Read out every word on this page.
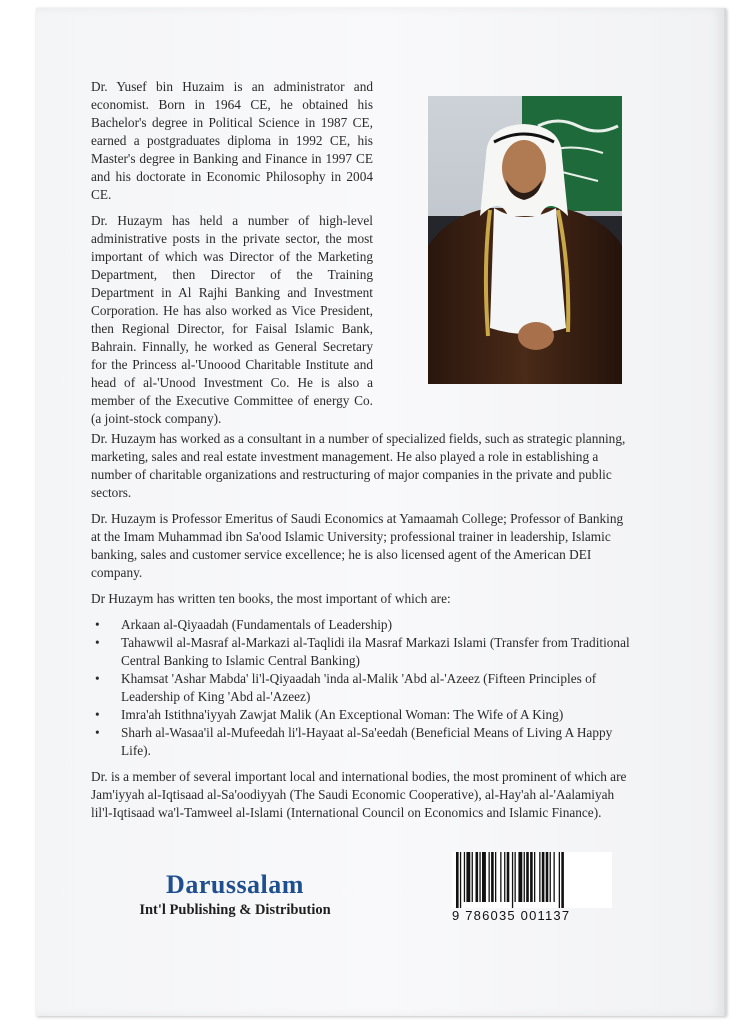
Dr. Yusef bin Huzaim is an administrator and economist. Born in 1964 CE, he obtained his Bachelor's degree in Political Science in 1987 CE, earned a postgraduates diploma in 1992 CE, his Master's degree in Banking and Finance in 1997 CE and his doctorate in Economic Philosophy in 2004 CE.

Dr. Huzaym has held a number of high-level administrative posts in the private sector, the most important of which was Director of the Marketing Department, then Director of the Training Department in Al Rajhi Banking and Investment Corporation. He has also worked as Vice President, then Regional Director, for Faisal Islamic Bank, Bahrain. Finnally, he worked as General Secretary for the Princess al-'Unoood Charitable Institute and head of al-'Unood Investment Co. He is also a member of the Executive Committee of energy Co. (a joint-stock company).

Dr. Huzaym has worked as a consultant in a number of specialized fields, such as strategic planning, marketing, sales and real estate investment management. He also played a role in establishing a number of charitable organizations and restructuring of major companies in the private and public sectors.

Dr. Huzaym is Professor Emeritus of Saudi Economics at Yamaamah College; Professor of Banking at the Imam Muhammad ibn Sa'ood Islamic University; professional trainer in leadership, Islamic banking, sales and customer service excellence; he is also licensed agent of the American DEI company.

Dr Huzaym has written ten books, the most important of which are:

• Arkaan al-Qiyaadah (Fundamentals of Leadership)
• Tahawwil al-Masraf al-Markazi al-Taqlidi ila Masraf Markazi Islami (Transfer from Traditional Central Banking to Islamic Central Banking)
• Khamsat 'Ashar Mabda' li'l-Qiyaadah 'inda al-Malik 'Abd al-'Azeez (Fifteen Principles of Leadership of King 'Abd al-'Azeez)
• Imra'ah Istithna'iyyah Zawjat Malik (An Exceptional Woman: The Wife of A King)
• Sharh al-Wasaa'il al-Mufeedah li'l-Hayaat al-Sa'eedah (Beneficial Means of Living A Happy Life).

Dr. is a member of several important local and international bodies, the most prominent of which are Jam'iyyah al-Iqtisaad al-Sa'oodiyyah (The Saudi Economic Cooperative), al-Hay'ah al-'Aalamiyah lil'l-Iqtisaad wa'l-Tamweel al-Islami (International Council on Economics and Islamic Finance).

Darussalam
Int'l Publishing & Distribution	9 786035 001137
